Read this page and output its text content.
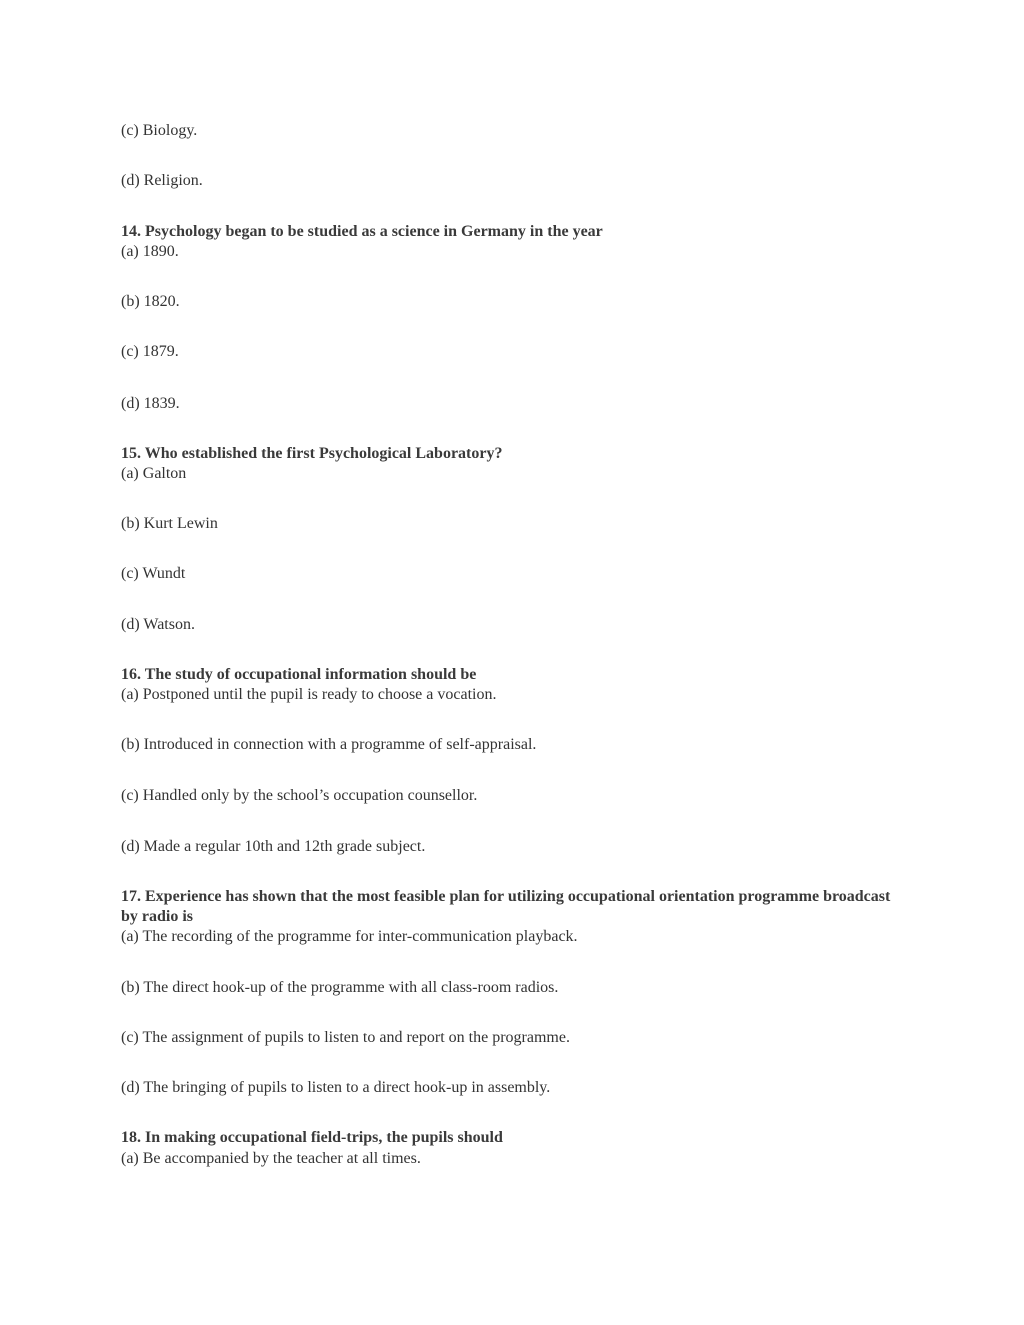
(c) Biology.
(d) Religion.
14. Psychology began to be studied as a science in Germany in the year
(a) 1890.
(b) 1820.
(c) 1879.
(d) 1839.
15. Who established the first Psychological Laboratory?
(a) Galton
(b) Kurt Lewin
(c) Wundt
(d) Watson.
16. The study of occupational information should be
(a) Postponed until the pupil is ready to choose a vocation.
(b) Introduced in connection with a programme of self-appraisal.
(c) Handled only by the school’s occupation counsellor.
(d) Made a regular 10th and 12th grade subject.
17. Experience has shown that the most feasible plan for utilizing occupational orientation programme broadcast by radio is
(a) The recording of the programme for inter-communication playback.
(b) The direct hook-up of the programme with all class-room radios.
(c) The assignment of pupils to listen to and report on the programme.
(d) The bringing of pupils to listen to a direct hook-up in assembly.
18. In making occupational field-trips, the pupils should
(a) Be accompanied by the teacher at all times.
